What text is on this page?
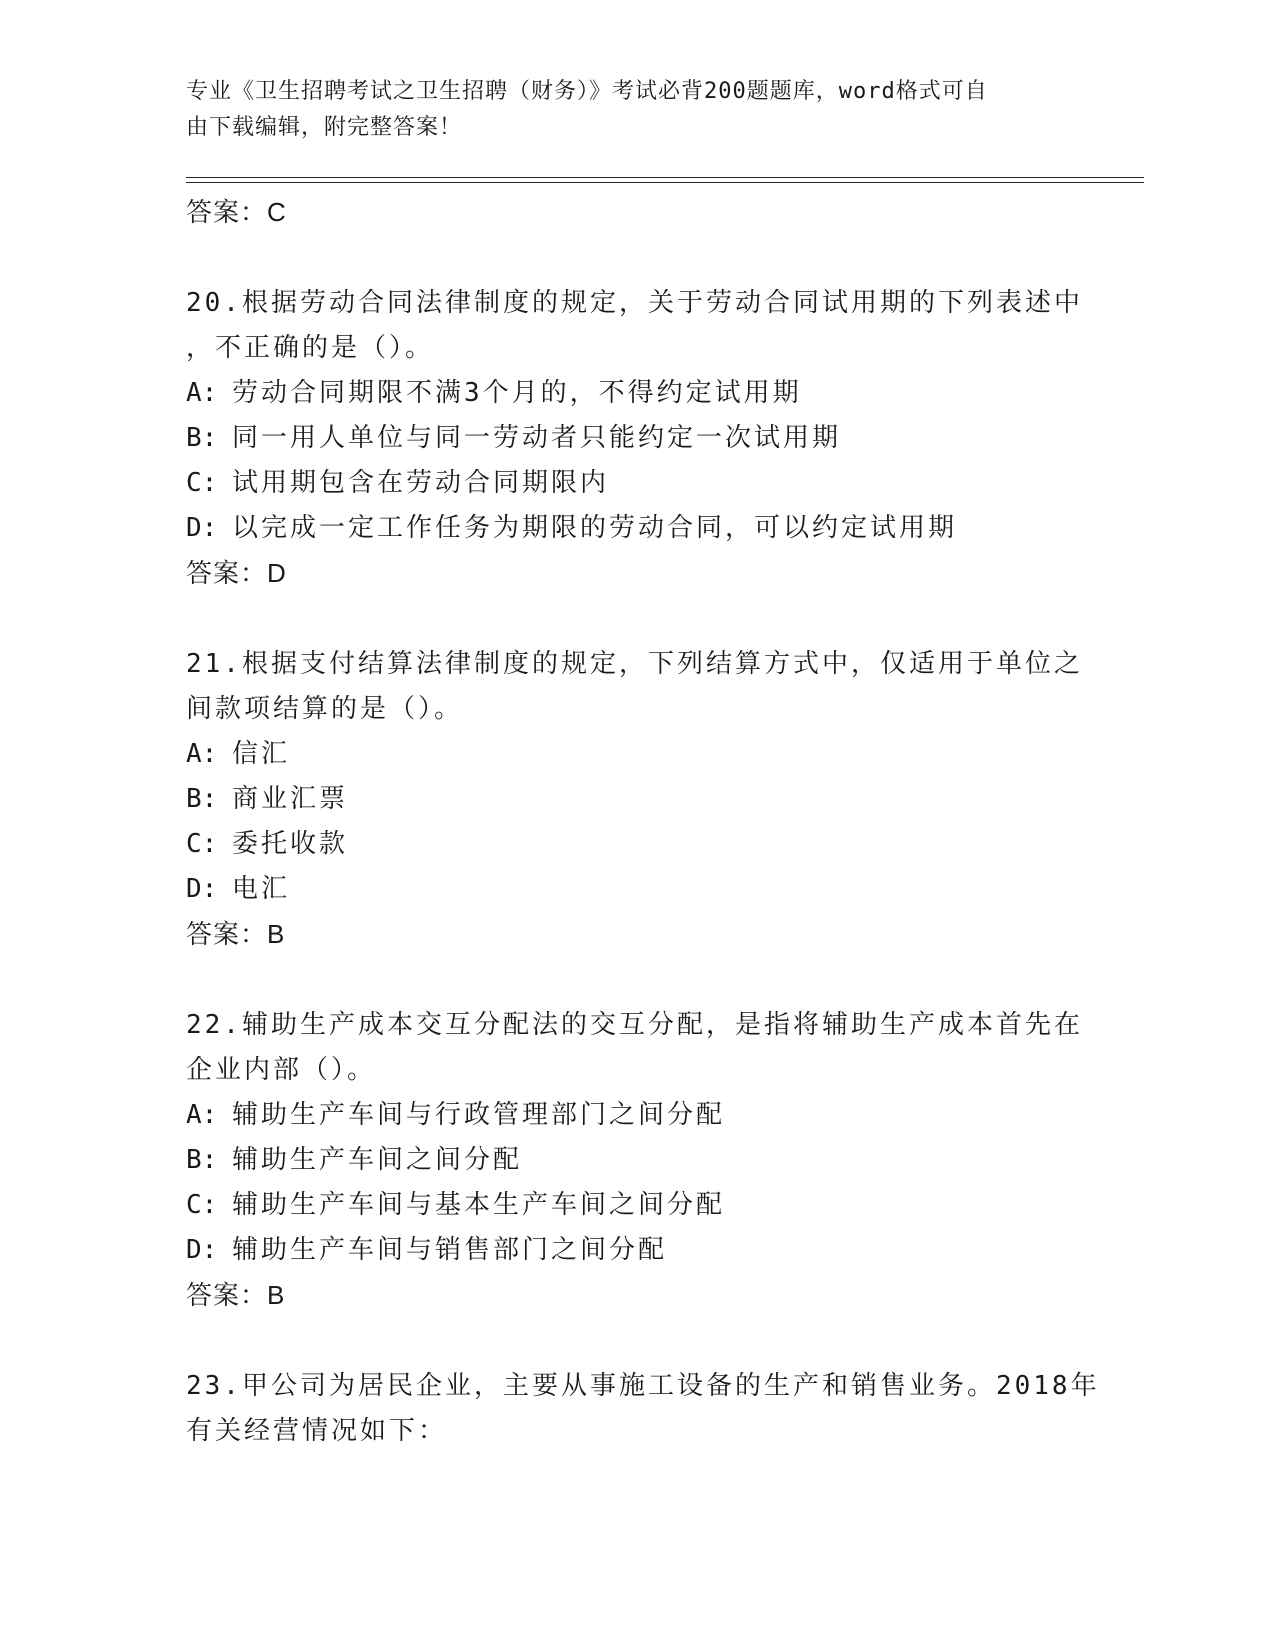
专业《卫生招聘考试之卫生招聘（财务）》考试必背200题题库，word格式可自
由下载编辑，附完整答案！
答案：C
20.根据劳动合同法律制度的规定，关于劳动合同试用期的下列表述中
，不正确的是（）。
A: 劳动合同期限不满3个月的，不得约定试用期
B: 同一用人单位与同一劳动者只能约定一次试用期
C: 试用期包含在劳动合同期限内
D: 以完成一定工作任务为期限的劳动合同，可以约定试用期
答案：D
21.根据支付结算法律制度的规定，下列结算方式中，仅适用于单位之
间款项结算的是（）。
A: 信汇
B: 商业汇票
C: 委托收款
D: 电汇
答案：B
22.辅助生产成本交互分配法的交互分配，是指将辅助生产成本首先在
企业内部（）。
A: 辅助生产车间与行政管理部门之间分配
B: 辅助生产车间之间分配
C: 辅助生产车间与基本生产车间之间分配
D: 辅助生产车间与销售部门之间分配
答案：B
23.甲公司为居民企业，主要从事施工设备的生产和销售业务。2018年
有关经营情况如下：
